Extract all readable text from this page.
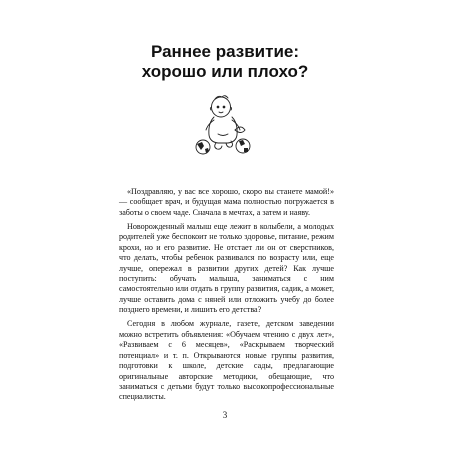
Раннее развитие:
хорошо или плохо?

«Поздравляю, у вас все хорошо, скоро вы станете мамой!» — сообщает врач, и будущая мама полностью погружается в заботы о своем чаде. Сначала в мечтах, а затем и наяву.

Новорожденный малыш еще лежит в колыбели, а молодых родителей уже беспокоит не только здоровье, питание, режим крохи, но и его развитие. Не отстает ли он от сверстников, что делать, чтобы ребенок развивался по возрасту или, еще лучше, опережал в развитии других детей? Как лучше поступить: обучать малыша, заниматься с ним самостоятельно или отдать в группу развития, садик, а может, лучше оставить дома с няней или отложить учебу до более позднего времени, и лишить его детства?

Сегодня в любом журнале, газете, детском заведении можно встретить объявления: «Обучаем чтению с двух лет», «Развиваем с 6 месяцев», «Раскрываем творческий потенциал» и т. п. Открываются новые группы развития, подготовки к школе, детские сады, предлагающие оригинальные авторские методики, обещающие, что заниматься с детьми будут только высокопрофессиональные специалисты.

3
